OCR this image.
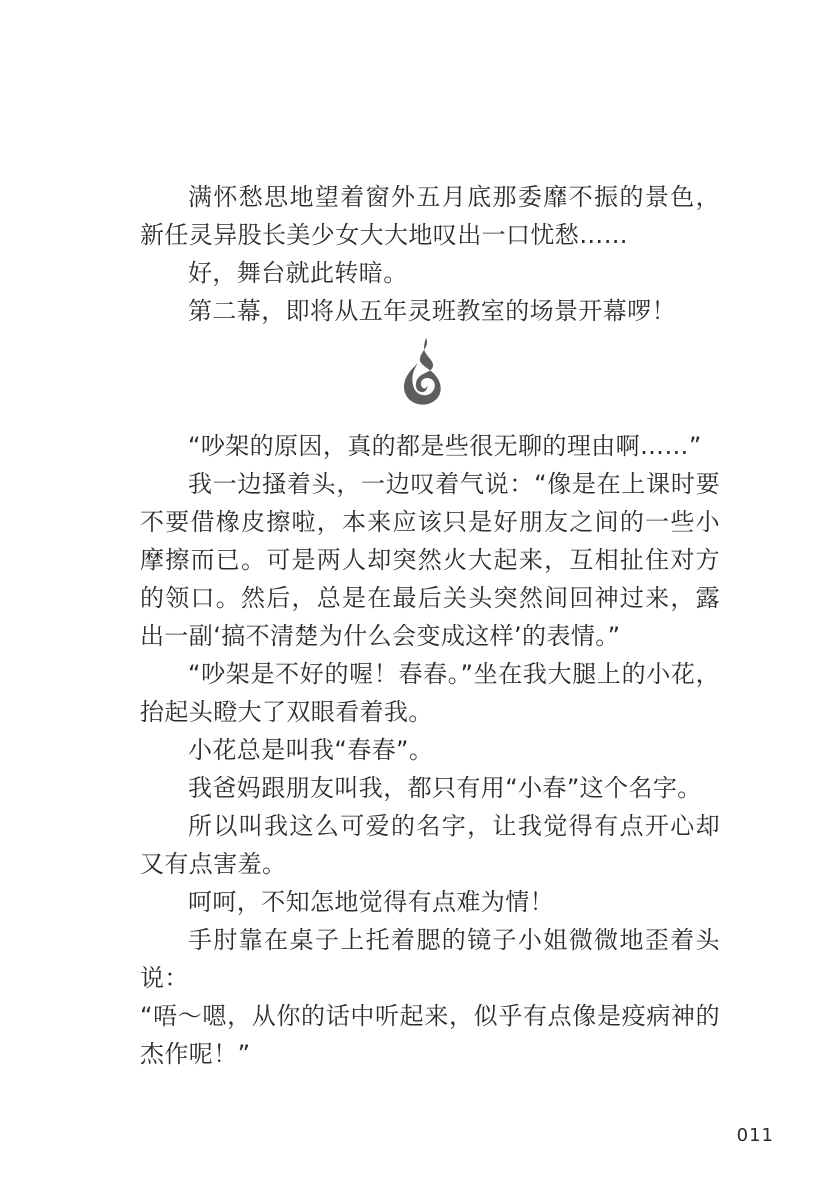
满怀愁思地望着窗外五月底那委靡不振的景色，新任灵异股长美少女大大地叹出一口忧愁……

好，舞台就此转暗。

第二幕，即将从五年灵班教室的场景开幕啰！

“吵架的原因，真的都是些很无聊的理由啊……”

我一边搔着头，一边叹着气说：“像是在上课时要不要借橡皮擦啦，本来应该只是好朋友之间的一些小摩擦而已。可是两人却突然火大起来，互相扯住对方的领口。然后，总是在最后关头突然间回神过来，露出一副‘搞不清楚为什么会变成这样’的表情。”

“吵架是不好的喔！春春。”坐在我大腿上的小花，抬起头瞪大了双眼看着我。

小花总是叫我“春春”。

我爸妈跟朋友叫我，都只有用“小春”这个名字。

所以叫我这么可爱的名字，让我觉得有点开心却又有点害羞。

呵呵，不知怎地觉得有点难为情！

手肘靠在桌子上托着腮的镜子小姐微微地歪着头说：

“唔～嗯，从你的话中听起来，似乎有点像是疫病神的杰作呢！”

011
